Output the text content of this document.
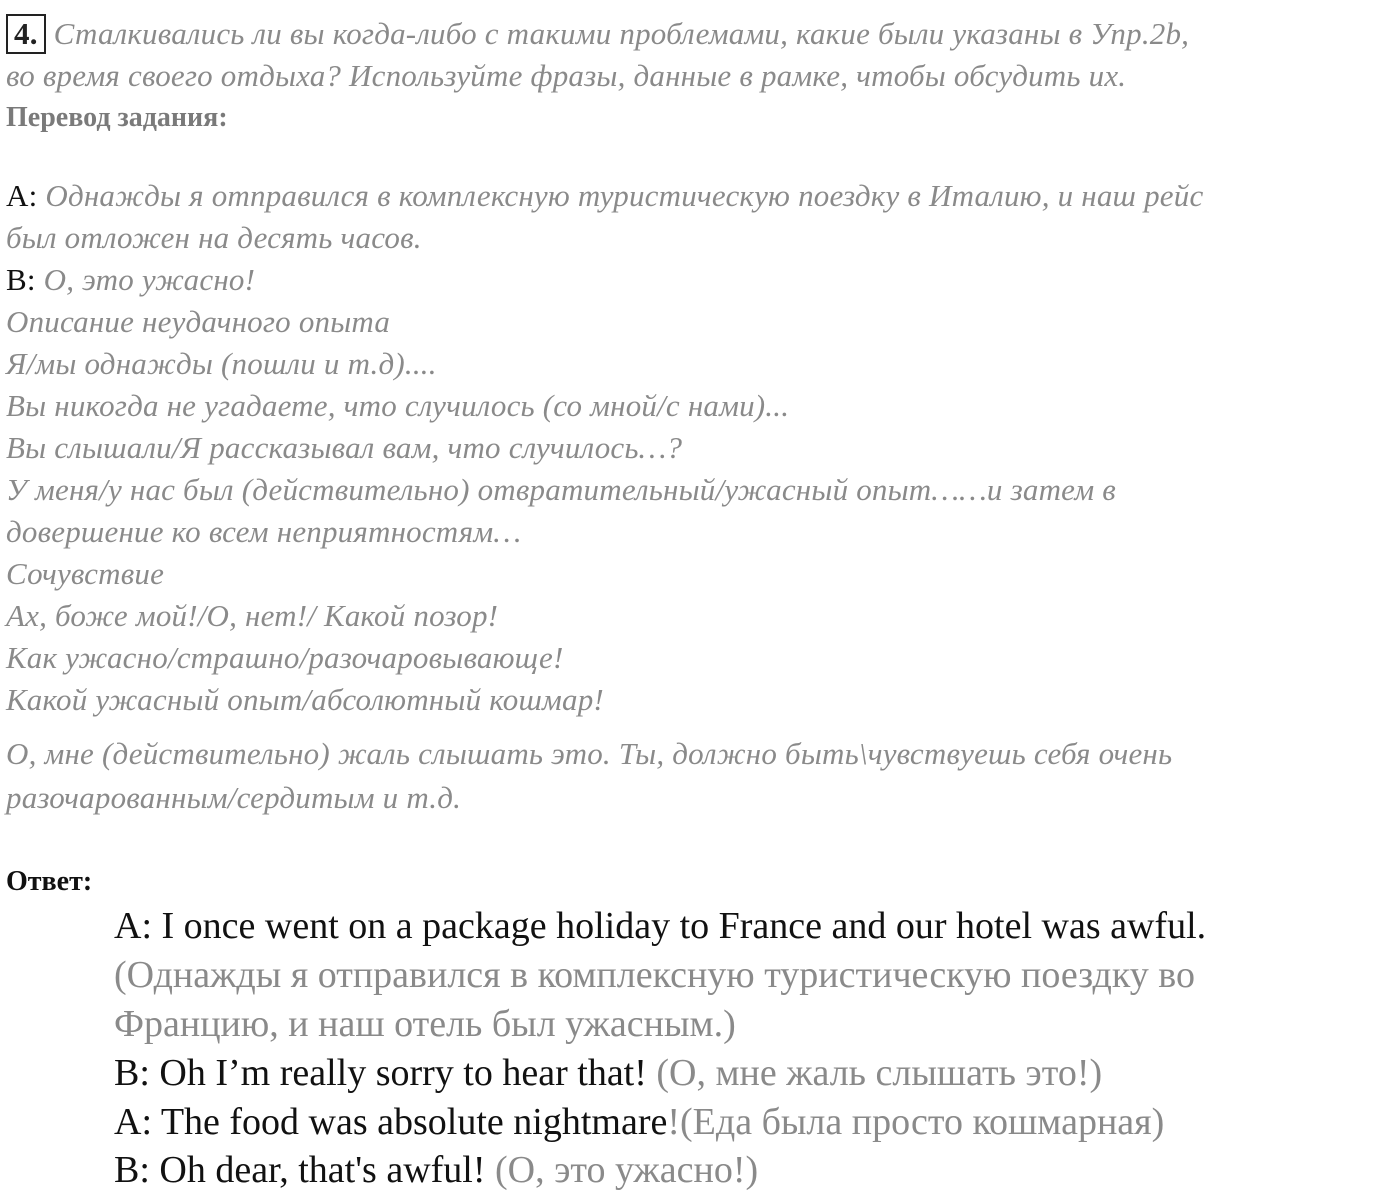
4. Сталкивались ли вы когда-либо с такими проблемами, какие были указаны в Упр.2b,
во время своего отдыха? Используйте фразы, данные в рамке, чтобы обсудить их.
Перевод задания:
A: Однажды я отправился в комплексную туристическую поездку в Италию, и наш рейс
был отложен на десять часов.
B: О, это ужасно!
Описание неудачного опыта
Я/мы однажды (пошли и т.д)....
Вы никогда не угадаете, что случилось (со мной/с нами)...
Вы слышали/Я рассказывал вам, что случилось…?
У меня/у нас был (действительно) отвратительный/ужасный опыт……и затем в
довершение ко всем неприятностям…
Сочувствие
Ах, боже мой!/О, нет!/ Какой позор!
Как ужасно/страшно/разочаровывающе!
Какой ужасный опыт/абсолютный кошмар!
О, мне (действительно) жаль слышать это. Ты, должно быть\чувствуешь себя очень
разочарованным/сердитым и т.д.
Ответ:
A: I once went on a package holiday to France and our hotel was awful.
(Однажды я отправился в комплексную туристическую поездку во
Францию, и наш отель был ужасным.)
B: Oh I’m really sorry to hear that! (О, мне жаль слышать это!)
A: The food was absolute nightmare!(Еда была просто кошмарная)
B: Oh dear, that's awful! (О, это ужасно!)
